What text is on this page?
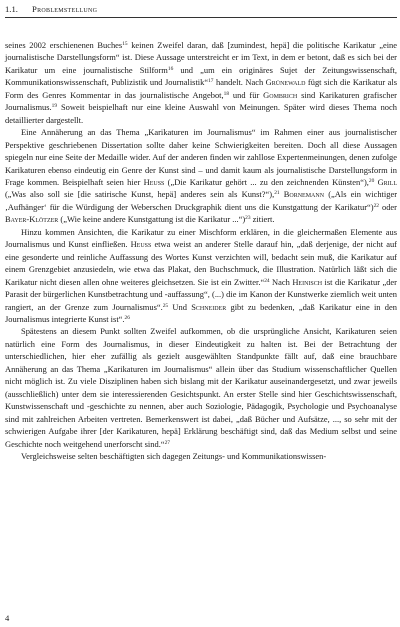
1.1. Problemstellung

seines 2002 erschienenen Buches$^{15}$ keinen Zweifel daran, daß [zumindest, hepä] die politische Karikatur „eine journalistische Darstellungsform“ ist. Diese Aussage unterstreicht er im Text, in dem er betont, daß es sich bei der Karikatur um eine journalistische Stilform$^{16}$ und „um ein originäres Sujet der Zeitungswissenschaft, Kommunikationswissenschaft, Publizistik und Journalistik“$^{17}$ handelt. Nach Grünewald fügt sich die Karikatur als Form des Genres Kommentar in das journalistische Angebot,$^{18}$ und für Gombrich sind Karikaturen grafischer Journalismus.$^{19}$ Soweit beispielhaft nur eine kleine Auswahl von Meinungen. Später wird dieses Thema noch detaillierter dargestellt.

Eine Annäherung an das Thema „Karikaturen im Journalismus“ im Rahmen einer aus journalistischer Perspektive geschriebenen Dissertation sollte daher keine Schwierigkeiten bereiten. Doch all diese Aussagen spiegeln nur eine Seite der Medaille wider. Auf der anderen finden wir zahllose Expertenmeinungen, denen zufolge Karikaturen ebenso eindeutig ein Genre der Kunst sind – und damit kaum als journalistische Darstellungsform in Frage kommen. Beispielhaft seien hier Heuss („Die Karikatur gehört ... zu den zeichnenden Künsten“),$^{20}$ Grill („Was also soll sie [die satirische Kunst, hepä] anderes sein als Kunst?“),$^{21}$ Bornemann („Als ein wichtiger ‚Aufhänger‘ für die Würdigung der Weberschen Druckgraphik dient uns die Kunstgattung der Karikatur“)$^{22}$ oder Bayer-Klötzer („Wie keine andere Kunstgattung ist die Karikatur ...“)$^{23}$ zitiert.

Hinzu kommen Ansichten, die Karikatur zu einer Mischform erklären, in die gleichermaßen Elemente aus Journalismus und Kunst einfließen. Heuss etwa weist an anderer Stelle darauf hin, „daß derjenige, der nicht auf eine gesonderte und reinliche Auffassung des Wortes Kunst verzichten will, bedacht sein muß, die Karikatur auf einem Grenzgebiet anzusiedeln, wie etwa das Plakat, den Buchschmuck, die Illustration. Natürlich läßt sich die Karikatur nicht diesen allen ohne weiteres gleichsetzen. Sie ist ein Zwitter.“$^{24}$ Nach Heinisch ist die Karikatur „der Parasit der bürgerlichen Kunstbetrachtung und -auffassung“, (...) die im Kanon der Kunstwerke ziemlich weit unten rangiert, an der Grenze zum Journalismus“.$^{25}$ Und Schneider gibt zu bedenken, „daß Karikatur eine in den Journalismus integrierte Kunst ist“.$^{26}$

Spätestens an diesem Punkt sollten Zweifel aufkommen, ob die ursprüngliche Ansicht, Karikaturen seien natürlich eine Form des Journalismus, in dieser Eindeutigkeit zu halten ist. Bei der Betrachtung der unterschiedlichen, hier eher zufällig als gezielt ausgewählten Standpunkte fällt auf, daß eine brauchbare Annäherung an das Thema „Karikaturen im Journalismus“ allein über das Studium wissenschaftlicher Quellen nicht möglich ist. Zu viele Disziplinen haben sich bislang mit der Karikatur auseinandergesetzt, und zwar jeweils (ausschließlich) unter dem sie interessierenden Gesichtspunkt. An erster Stelle sind hier Geschichtswissenschaft, Kunstwissenschaft und -geschichte zu nennen, aber auch Soziologie, Pädagogik, Psychologie und Psychoanalyse sind mit zahlreichen Arbeiten vertreten. Bemerkenswert ist dabei, „daß Bücher und Aufsätze, ..., so sehr mit der schwierigen Aufgabe ihrer [der Karikaturen, hepä] Erklärung beschäftigt sind, daß das Medium selbst und seine Geschichte noch weitgehend unerforscht sind.“$^{27}$

Vergleichsweise selten beschäftigten sich dagegen Zeitungs- und Kommunikationswissen-

4
